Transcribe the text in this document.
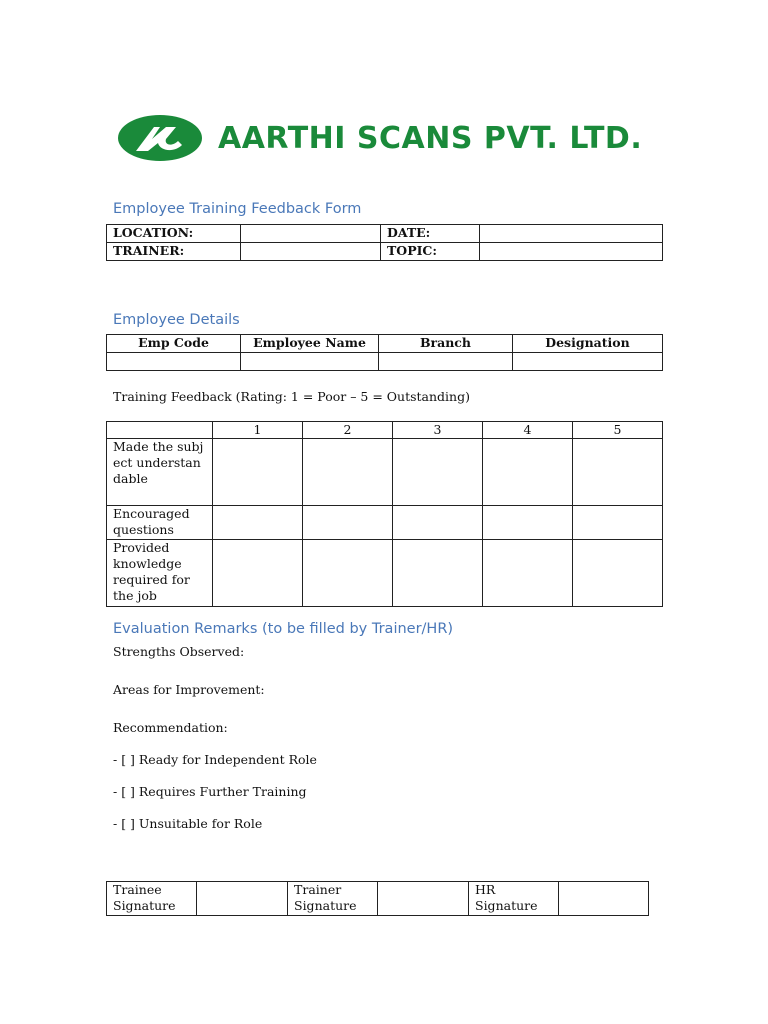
AARTHI SCANS PVT. LTD.
Employee Training Feedback Form
LOCATION:		DATE:	
TRAINER:		TOPIC:	
Employee Details
Emp Code	Employee Name	Branch	Designation

Training Feedback (Rating: 1 = Poor – 5 = Outstanding)
	1	2	3	4	5
Made the subject understandable					
Encouraged questions					
Provided knowledge required for the job					
Evaluation Remarks (to be filled by Trainer/HR)
Strengths Observed:
Areas for Improvement:
Recommendation:
- [ ] Ready for Independent Role
- [ ] Requires Further Training
- [ ] Unsuitable for Role
Trainee Signature		Trainer Signature		HR Signature	
